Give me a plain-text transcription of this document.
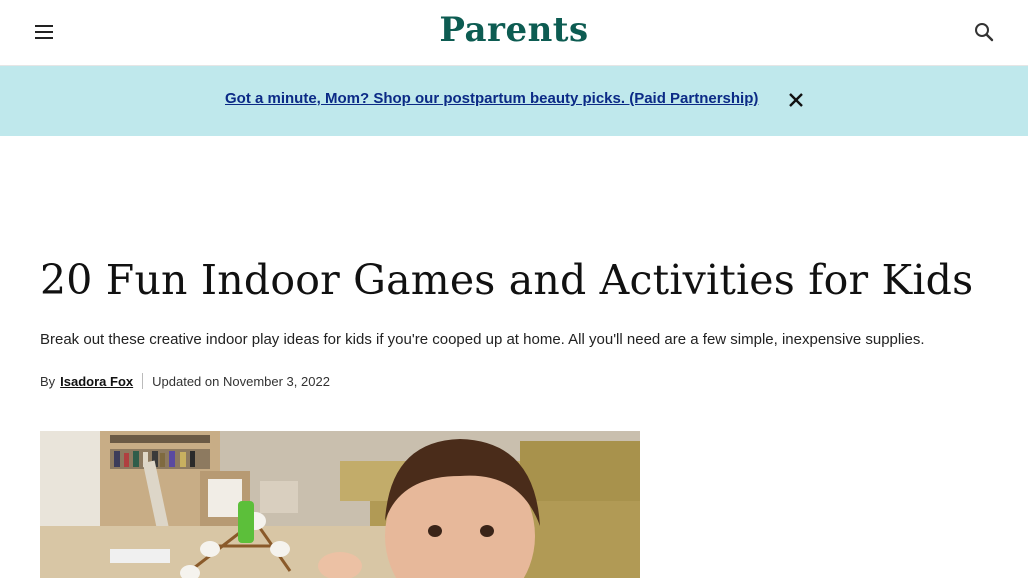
Parents
Got a minute, Mom? Shop our postpartum beauty picks. (Paid Partnership)
20 Fun Indoor Games and Activities for Kids

Break out these creative indoor play ideas for kids if you're cooped up at home. All you'll need are a few simple, inexpensive supplies.

By Isadora Fox Updated on November 3, 2022
